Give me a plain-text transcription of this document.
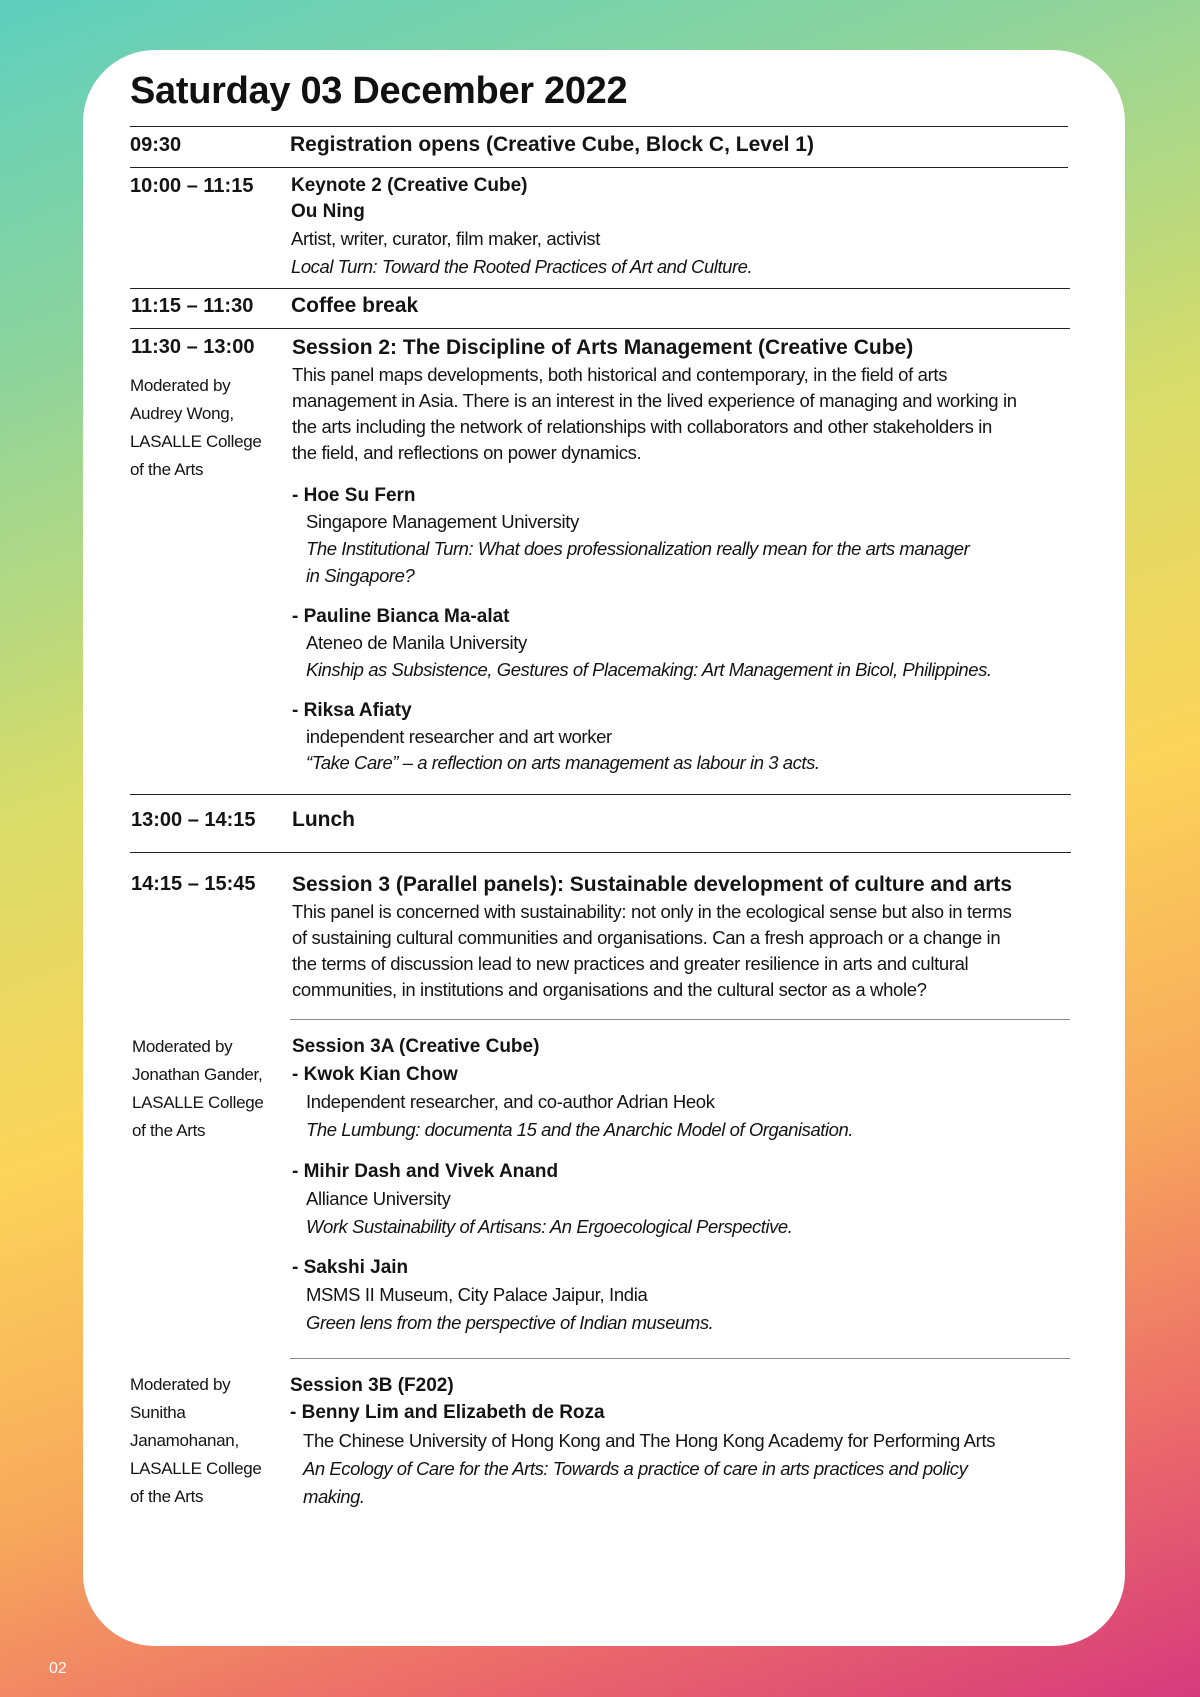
Saturday 03 December 2022
09:30	Registration opens (Creative Cube, Block C, Level 1)
10:00 – 11:15 Keynote 2 (Creative Cube)
Ou Ning
Artist, writer, curator, film maker, activist
Local Turn: Toward the Rooted Practices of Art and Culture.
11:15 – 11:30 Coffee break
11:30 – 13:00
Moderated by
Audrey Wong,
LASALLE College
of the Arts
Session 2: The Discipline of Arts Management (Creative Cube)
This panel maps developments, both historical and contemporary, in the field of arts
management in Asia. There is an interest in the lived experience of managing and working in
the arts including the network of relationships with collaborators and other stakeholders in
the field, and reflections on power dynamics.
- Hoe Su Fern
Singapore Management University
The Institutional Turn: What does professionalization really mean for the arts manager
in Singapore?
- Pauline Bianca Ma-alat
Ateneo de Manila University
Kinship as Subsistence, Gestures of Placemaking: Art Management in Bicol, Philippines.
- Riksa Afiaty
independent researcher and art worker
“Take Care” – a reflection on arts management as labour in 3 acts.
13:00 – 14:15 Lunch
14:15 – 15:45 Session 3 (Parallel panels): Sustainable development of culture and arts
This panel is concerned with sustainability: not only in the ecological sense but also in terms
of sustaining cultural communities and organisations. Can a fresh approach or a change in
the terms of discussion lead to new practices and greater resilience in arts and cultural
communities, in institutions and organisations and the cultural sector as a whole?
Moderated by
Jonathan Gander,
LASALLE College
of the Arts
Session 3A (Creative Cube)
- Kwok Kian Chow
Independent researcher, and co-author Adrian Heok
The Lumbung: documenta 15 and the Anarchic Model of Organisation.
- Mihir Dash and Vivek Anand
Alliance University
Work Sustainability of Artisans: An Ergoecological Perspective.
- Sakshi Jain
MSMS II Museum, City Palace Jaipur, India
Green lens from the perspective of Indian museums.
Moderated by
Sunitha
Janamohanan,
LASALLE College
of the Arts
Session 3B (F202)
- Benny Lim and Elizabeth de Roza
The Chinese University of Hong Kong and The Hong Kong Academy for Performing Arts
An Ecology of Care for the Arts: Towards a practice of care in arts practices and policy
making.
02
